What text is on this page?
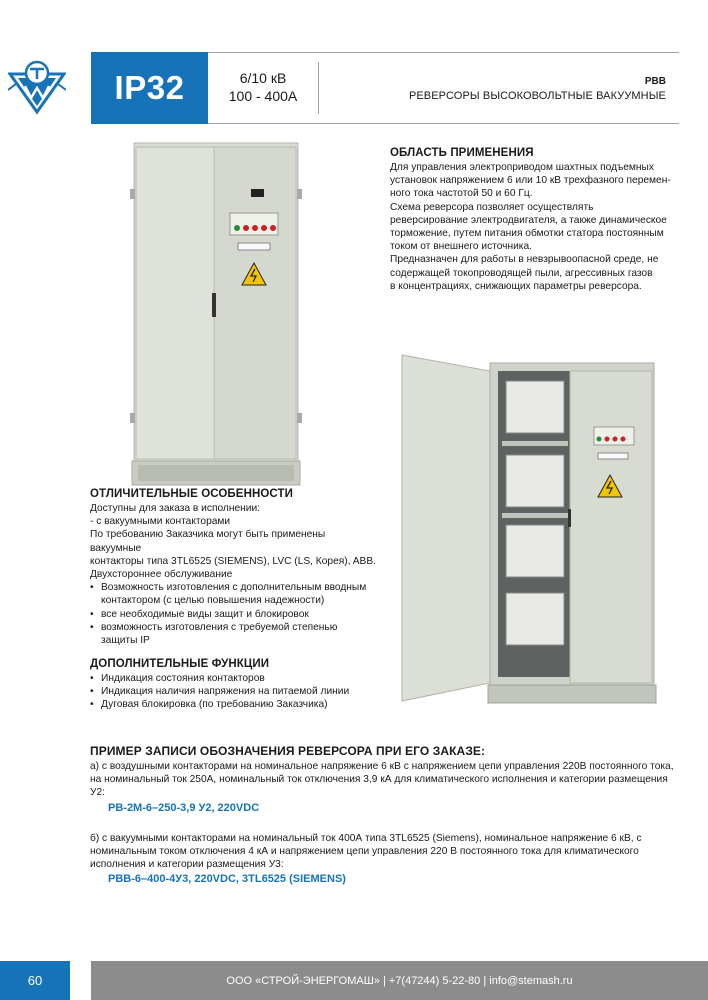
IP32	6/10 кВ
100 - 400А
РВВ
РЕВЕРСОРЫ ВЫСОКОВОЛЬТНЫЕ ВАКУУМНЫЕ
ОБЛАСТЬ ПРИМЕНЕНИЯ
Для управления электроприводом шахтных подъемных
установок напряжением 6 или 10 кВ трехфазного перемен-
ного тока частотой 50 и 60 Гц.
Схема реверсора позволяет осуществлять
реверсирование электродвигателя, а также динамическое
торможение, путем питания обмотки статора постоянным
током от внешнего источника.
Предназначен для работы в невзрывоопасной среде, не
содержащей токопроводящей пыли, агрессивных газов
в концентрациях, снижающих параметры реверсора.
ОТЛИЧИТЕЛЬНЫЕ ОСОБЕННОСТИ
Доступны для заказа в исполнении:
- с вакуумными контакторами
По требованию Заказчика могут быть применены вакуумные
контакторы типа 3TL6525 (SIEMENS), LVC (LS, Корея), ABB.
Двухстороннее обслуживание
• Возможность изготовления с дополнительным вводным контактором (с целью повышения надежности)
• все необходимые виды защит и блокировок
• возможность изготовления с требуемой степенью защиты IP
ДОПОЛНИТЕЛЬНЫЕ ФУНКЦИИ
• Индикация состояния контакторов
• Индикация наличия напряжения на питаемой линии
• Дуговая блокировка (по требованию Заказчика)
ПРИМЕР ЗАПИСИ ОБОЗНАЧЕНИЯ РЕВЕРСОРА ПРИ ЕГО ЗАКАЗЕ:
а) с воздушными контакторами на номинальное напряжение 6 кВ с напряжением цепи управления 220В постоянного тока, на номинальный ток 250А, номинальный ток отключения 3,9 кА для климатического исполнения и категории размещения У2:
РВ-2М-6–250-3,9 У2, 220VDC
б) с вакуумными контакторами на номинальный ток 400А типа 3TL6525 (Siemens), номинальное напряжение 6 кВ, с номинальным током отключения 4 кА и напряжением цепи управления 220 В постоянного тока для климатического исполнения и категории размещения У3:
РВВ-6–400-4У3, 220VDC, 3TL6525 (SIEMENS)
60	ООО «СТРОЙ-ЭНЕРГОМАШ» | +7(47244) 5-22-80 | info@stemash.ru
